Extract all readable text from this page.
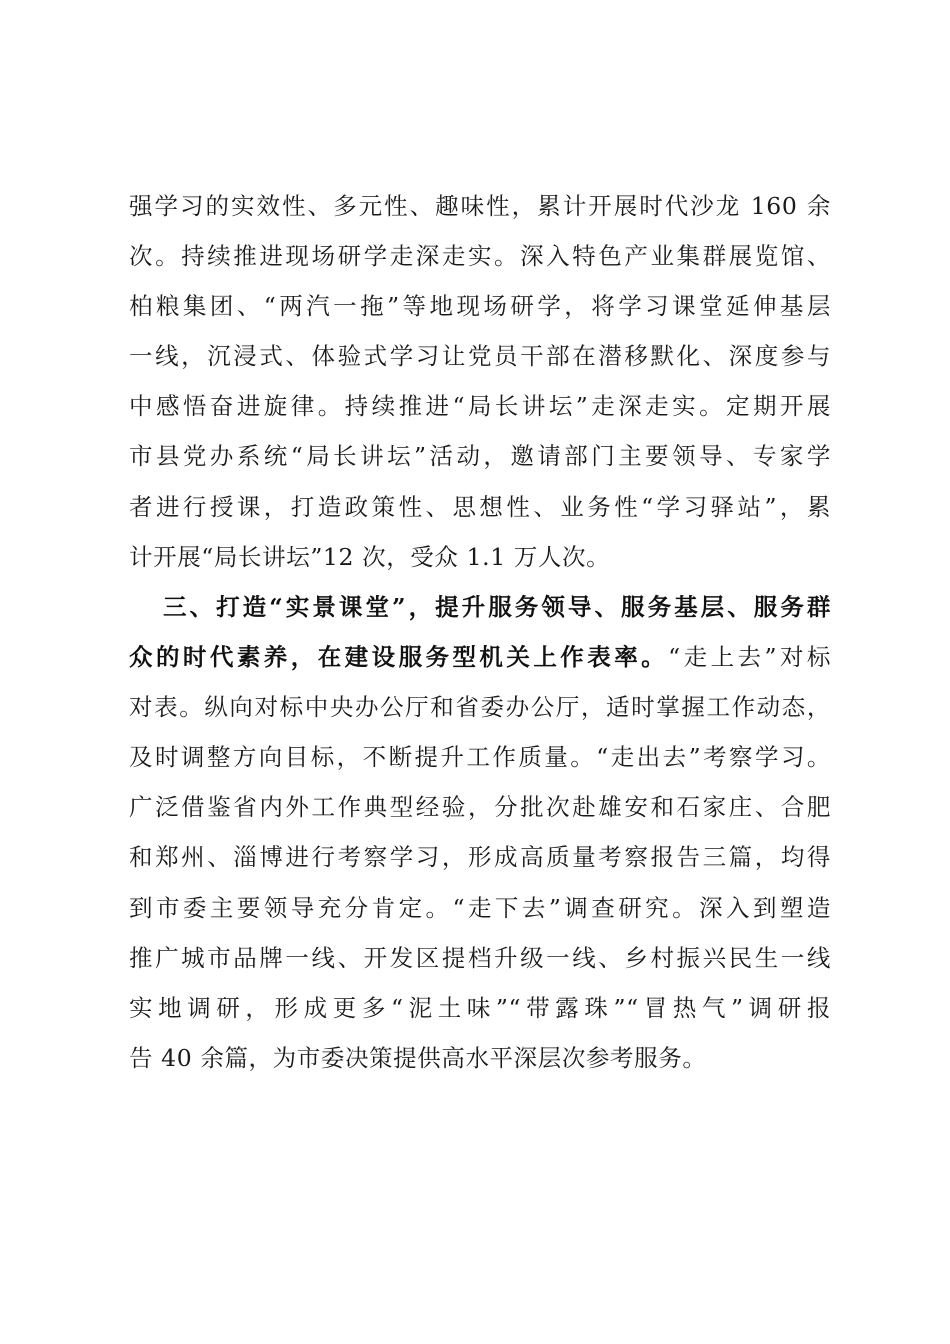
强学习的实效性、多元性、趣味性，累计开展时代沙龙 160 余
次。持续推进现场研学走深走实。深入特色产业集群展览馆、
柏粮集团、“两汽一拖”等地现场研学，将学习课堂延伸基层
一线，沉浸式、体验式学习让党员干部在潜移默化、深度参与
中感悟奋进旋律。持续推进“局长讲坛”走深走实。定期开展
市县党办系统“局长讲坛”活动，邀请部门主要领导、专家学
者进行授课，打造政策性、思想性、业务性“学习驿站”，累
计开展“局长讲坛”12 次，受众 1.1 万人次。
三、打造“实景课堂”，提升服务领导、服务基层、服务群
众的时代素养，在建设服务型机关上作表率。“走上去”对标
对表。纵向对标中央办公厅和省委办公厅，适时掌握工作动态，
及时调整方向目标，不断提升工作质量。“走出去”考察学习。
广泛借鉴省内外工作典型经验，分批次赴雄安和石家庄、合肥
和郑州、淄博进行考察学习，形成高质量考察报告三篇，均得
到市委主要领导充分肯定。“走下去”调查研究。深入到塑造
推广城市品牌一线、开发区提档升级一线、乡村振兴民生一线
实地调研，形成更多“泥土味”“带露珠”“冒热气”调研报
告 40 余篇，为市委决策提供高水平深层次参考服务。
